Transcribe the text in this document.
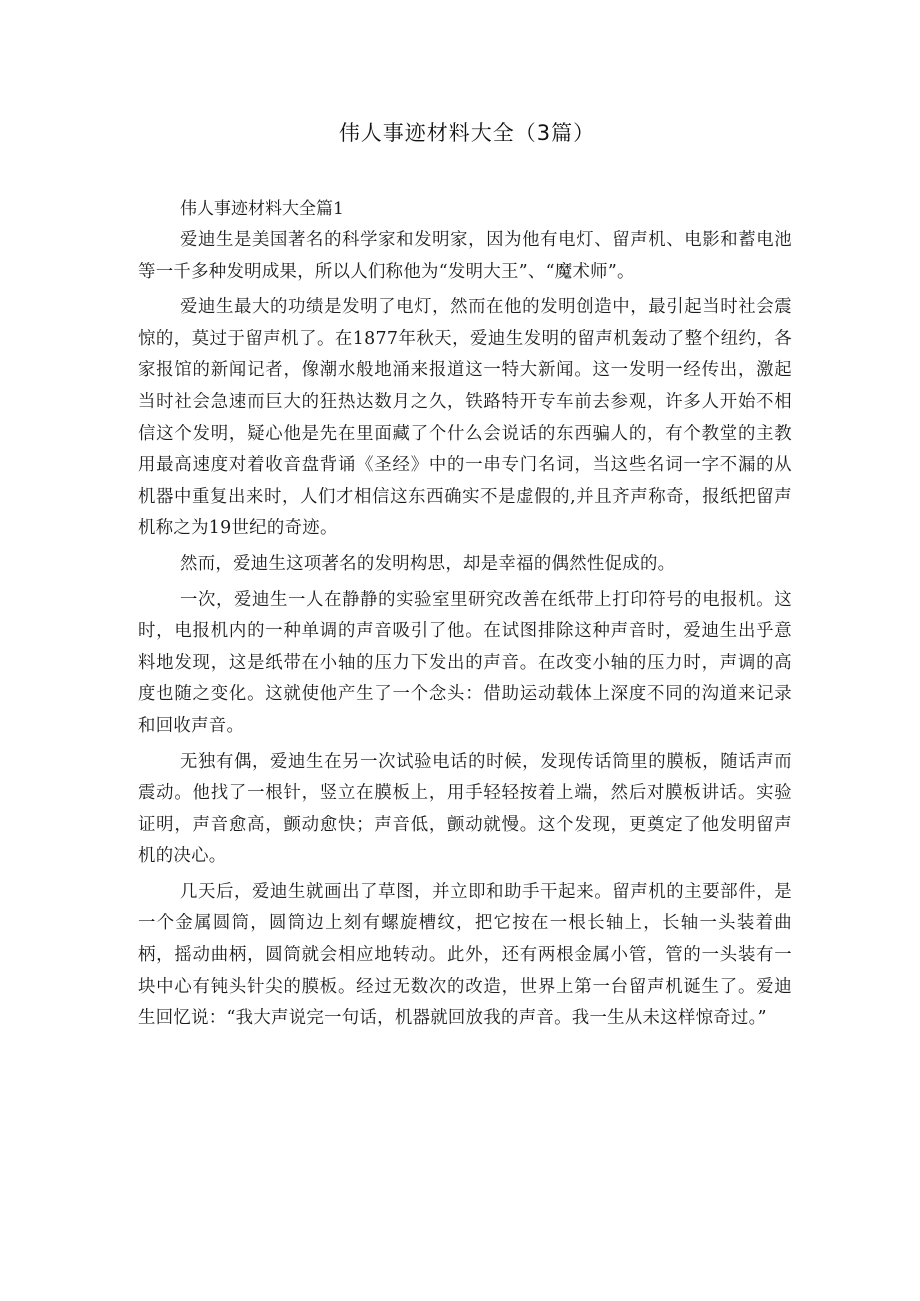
伟人事迹材料大全（3篇）
伟人事迹材料大全篇1

爱迪生是美国著名的科学家和发明家，因为他有电灯、留声机、电影和蓄电池等一千多种发明成果，所以人们称他为“发明大王”、“魔术师”。

爱迪生最大的功绩是发明了电灯，然而在他的发明创造中，最引起当时社会震惊的，莫过于留声机了。在1877年秋天，爱迪生发明的留声机轰动了整个纽约，各家报馆的新闻记者，像潮水般地涌来报道这一特大新闻。这一发明一经传出，激起当时社会急速而巨大的狂热达数月之久，铁路特开专车前去参观，许多人开始不相信这个发明，疑心他是先在里面藏了个什么会说话的东西骗人的，有个教堂的主教用最高速度对着收音盘背诵《圣经》中的一串专门名词，当这些名词一字不漏的从机器中重复出来时，人们才相信这东西确实不是虚假的,并且齐声称奇，报纸把留声机称之为19世纪的奇迹。

然而，爱迪生这项著名的发明构思，却是幸福的偶然性促成的。

一次，爱迪生一人在静静的实验室里研究改善在纸带上打印符号的电报机。这时，电报机内的一种单调的声音吸引了他。在试图排除这种声音时，爱迪生出乎意料地发现，这是纸带在小轴的压力下发出的声音。在改变小轴的压力时，声调的高度也随之变化。这就使他产生了一个念头：借助运动载体上深度不同的沟道来记录和回收声音。

无独有偶，爱迪生在另一次试验电话的时候，发现传话筒里的膜板，随话声而震动。他找了一根针，竖立在膜板上，用手轻轻按着上端，然后对膜板讲话。实验证明，声音愈高，颤动愈快；声音低，颤动就慢。这个发现，更奠定了他发明留声机的决心。

几天后，爱迪生就画出了草图，并立即和助手干起来。留声机的主要部件，是一个金属圆筒，圆筒边上刻有螺旋槽纹，把它按在一根长轴上，长轴一头装着曲柄，摇动曲柄，圆筒就会相应地转动。此外，还有两根金属小管，管的一头装有一块中心有钝头针尖的膜板。经过无数次的改造，世界上第一台留声机诞生了。爱迪生回忆说：“我大声说完一句话，机器就回放我的声音。我一生从未这样惊奇过。”
